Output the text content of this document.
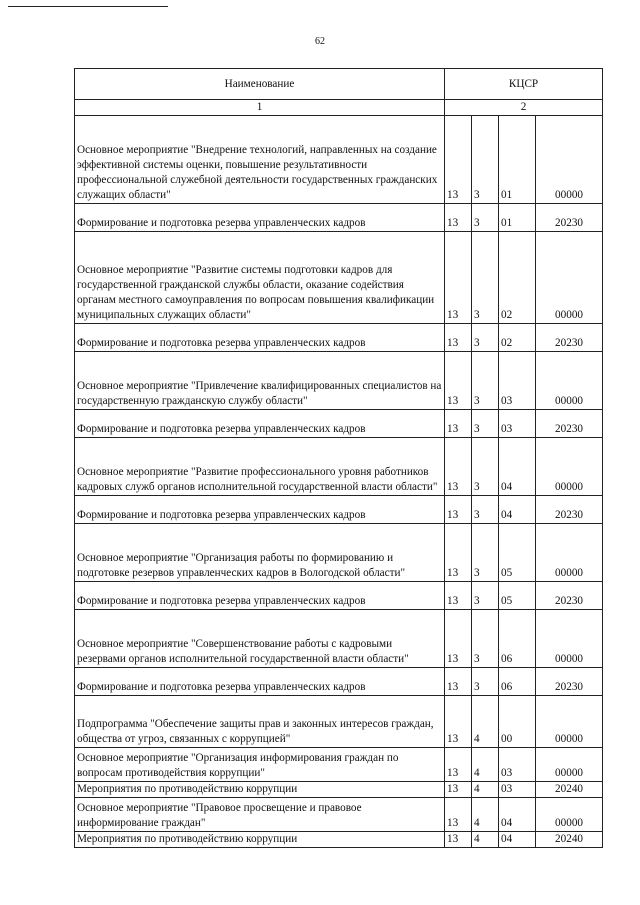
62
Наименование	КЦСР			
1	2			
Основное мероприятие "Внедрение технологий, направленных на создание эффективной системы оценки, повышение результативности профессиональной служебной деятельности государственных гражданских служащих области"	13	3	01	00000
Формирование и подготовка резерва управленческих кадров	13	3	01	20230
Основное мероприятие "Развитие системы подготовки кадров для государственной гражданской службы области, оказание содействия органам местного самоуправления по вопросам повышения квалификации муниципальных служащих области"	13	3	02	00000
Формирование и подготовка резерва управленческих кадров	13	3	02	20230
Основное мероприятие "Привлечение квалифицированных специалистов на государственную гражданскую службу области"	13	3	03	00000
Формирование и подготовка резерва управленческих кадров	13	3	03	20230
Основное мероприятие "Развитие профессионального уровня работников кадровых служб органов исполнительной государственной власти области"	13	3	04	00000
Формирование и подготовка резерва управленческих кадров	13	3	04	20230
Основное мероприятие "Организация работы по формированию и подготовке резервов управленческих кадров в Вологодской области"	13	3	05	00000
Формирование и подготовка резерва управленческих кадров	13	3	05	20230
Основное мероприятие "Совершенствование работы с кадровыми резервами органов исполнительной государственной власти области"	13	3	06	00000
Формирование и подготовка резерва управленческих кадров	13	3	06	20230
Подпрограмма "Обеспечение защиты прав и законных интересов граждан, общества от угроз, связанных с коррупцией"	13	4	00	00000
Основное мероприятие "Организация информирования граждан по вопросам противодействия коррупции"	13	4	03	00000
Мероприятия по противодействию коррупции	13	4	03	20240
Основное мероприятие "Правовое просвещение и правовое информирование граждан"	13	4	04	00000
Мероприятия по противодействию коррупции	13	4	04	20240
